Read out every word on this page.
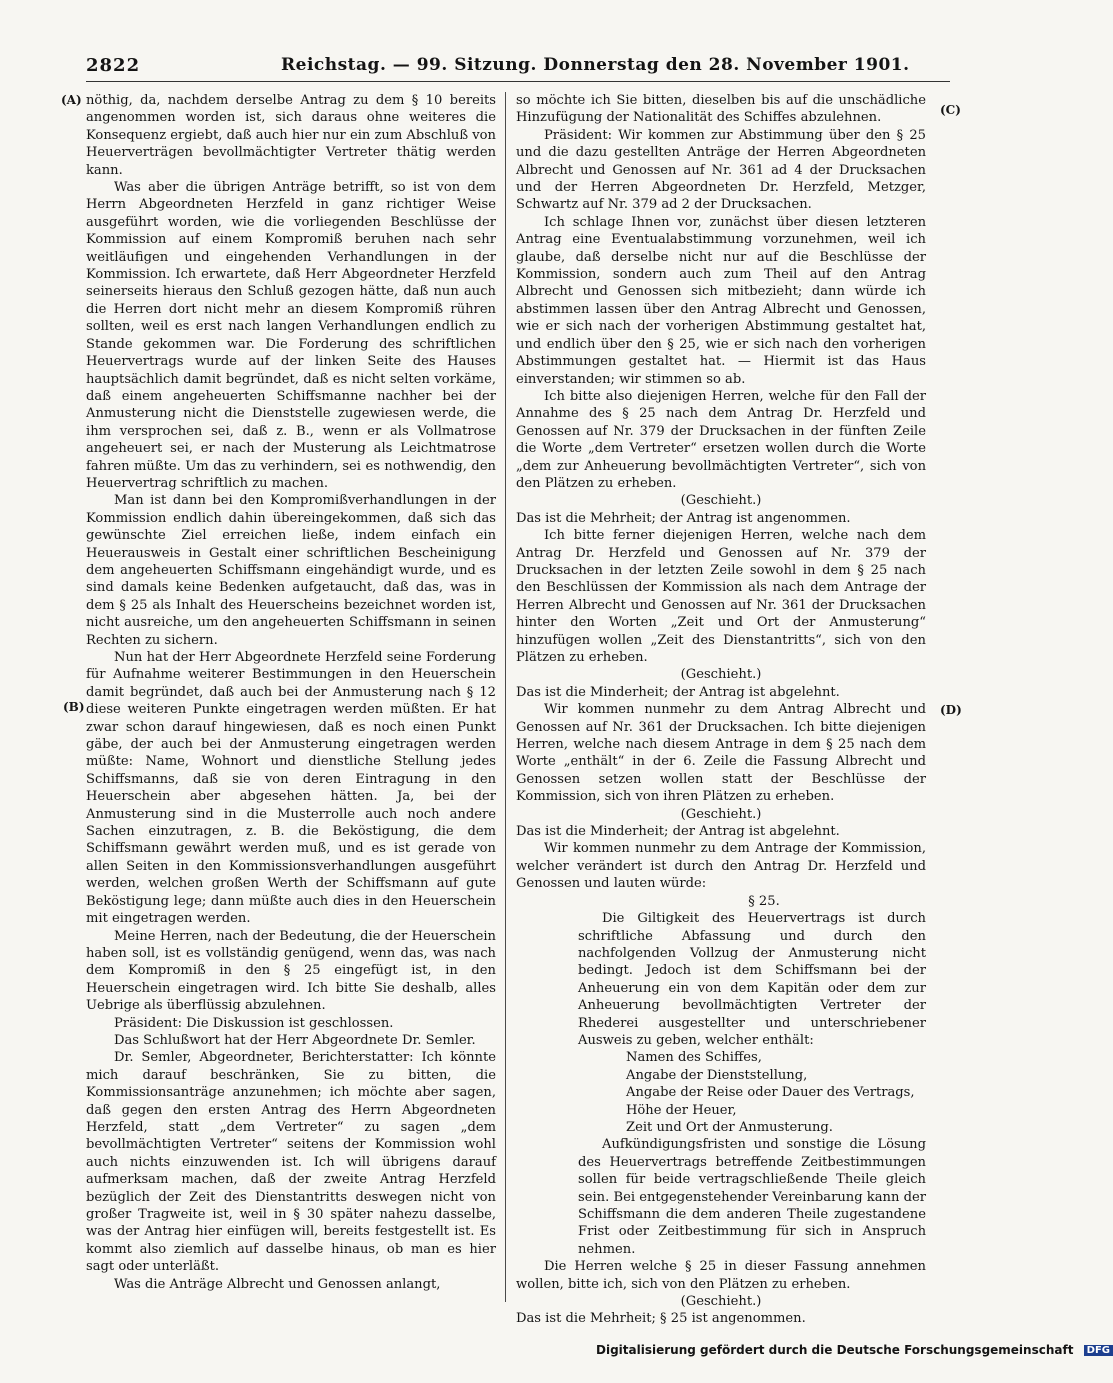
2822	Reichstag. — 99. Sitzung. Donnerstag den 28. November 1901.
(A)
(B)
(C)
(D)

nöthig, da, nachdem derselbe Antrag zu dem § 10 bereits angenommen worden ist, sich daraus ohne weiteres die Konsequenz ergiebt, daß auch hier nur ein zum Abschluß von Heuerverträgen bevollmächtigter Vertreter thätig werden kann.

Was aber die übrigen Anträge betrifft, so ist von dem Herrn Abgeordneten Herzfeld in ganz richtiger Weise ausgeführt worden, wie die vorliegenden Beschlüsse der Kommission auf einem Kompromiß beruhen nach sehr weitläufigen und eingehenden Verhandlungen in der Kommission. Ich erwartete, daß Herr Abgeordneter Herzfeld seinerseits hieraus den Schluß gezogen hätte, daß nun auch die Herren dort nicht mehr an diesem Kompromiß rühren sollten, weil es erst nach langen Verhandlungen endlich zu Stande gekommen war. Die Forderung des schriftlichen Heuervertrags wurde auf der linken Seite des Hauses hauptsächlich damit begründet, daß es nicht selten vorkäme, daß einem angeheuerten Schiffsmanne nachher bei der Anmusterung nicht die Dienststelle zugewiesen werde, die ihm versprochen sei, daß z. B., wenn er als Vollmatrose angeheuert sei, er nach der Musterung als Leichtmatrose fahren müßte. Um das zu verhindern, sei es nothwendig, den Heuervertrag schriftlich zu machen.

Man ist dann bei den Kompromißverhandlungen in der Kommission endlich dahin übereingekommen, daß sich das gewünschte Ziel erreichen ließe, indem einfach ein Heuerausweis in Gestalt einer schriftlichen Bescheinigung dem angeheuerten Schiffsmann eingehändigt wurde, und es sind damals keine Bedenken aufgetaucht, daß das, was in dem § 25 als Inhalt des Heuerscheins bezeichnet worden ist, nicht ausreiche, um den angeheuerten Schiffsmann in seinen Rechten zu sichern.

Nun hat der Herr Abgeordnete Herzfeld seine Forderung für Aufnahme weiterer Bestimmungen in den Heuerschein damit begründet, daß auch bei der Anmusterung nach § 12 diese weiteren Punkte eingetragen werden müßten. Er hat zwar schon darauf hingewiesen, daß es noch einen Punkt gäbe, der auch bei der Anmusterung eingetragen werden müßte: Name, Wohnort und dienstliche Stellung jedes Schiffsmanns, daß sie von deren Eintragung in den Heuerschein aber abgesehen hätten. Ja, bei der Anmusterung sind in die Musterrolle auch noch andere Sachen einzutragen, z. B. die Beköstigung, die dem Schiffsmann gewährt werden muß, und es ist gerade von allen Seiten in den Kommissionsverhandlungen ausgeführt werden, welchen großen Werth der Schiffsmann auf gute Beköstigung lege; dann müßte auch dies in den Heuerschein mit eingetragen werden.

Meine Herren, nach der Bedeutung, die der Heuerschein haben soll, ist es vollständig genügend, wenn das, was nach dem Kompromiß in den § 25 eingefügt ist, in den Heuerschein eingetragen wird. Ich bitte Sie deshalb, alles Uebrige als überflüssig abzulehnen.

Präsident: Die Diskussion ist geschlossen.

Das Schlußwort hat der Herr Abgeordnete Dr. Semler.

Dr. Semler, Abgeordneter, Berichterstatter: Ich könnte mich darauf beschränken, Sie zu bitten, die Kommissionsanträge anzunehmen; ich möchte aber sagen, daß gegen den ersten Antrag des Herrn Abgeordneten Herzfeld, statt „dem Vertreter“ zu sagen „dem bevollmächtigten Vertreter“ seitens der Kommission wohl auch nichts einzuwenden ist. Ich will übrigens darauf aufmerksam machen, daß der zweite Antrag Herzfeld bezüglich der Zeit des Dienstantritts deswegen nicht von großer Tragweite ist, weil in § 30 später nahezu dasselbe, was der Antrag hier einfügen will, bereits festgestellt ist. Es kommt also ziemlich auf dasselbe hinaus, ob man es hier sagt oder unterläßt.

Was die Anträge Albrecht und Genossen anlangt,

so möchte ich Sie bitten, dieselben bis auf die unschädliche Hinzufügung der Nationalität des Schiffes abzulehnen.

Präsident: Wir kommen zur Abstimmung über den § 25 und die dazu gestellten Anträge der Herren Abgeordneten Albrecht und Genossen auf Nr. 361 ad 4 der Drucksachen und der Herren Abgeordneten Dr. Herzfeld, Metzger, Schwartz auf Nr. 379 ad 2 der Drucksachen.

Ich schlage Ihnen vor, zunächst über diesen letzteren Antrag eine Eventualabstimmung vorzunehmen, weil ich glaube, daß derselbe nicht nur auf die Beschlüsse der Kommission, sondern auch zum Theil auf den Antrag Albrecht und Genossen sich mitbezieht; dann würde ich abstimmen lassen über den Antrag Albrecht und Genossen, wie er sich nach der vorherigen Abstimmung gestaltet hat, und endlich über den § 25, wie er sich nach den vorherigen Abstimmungen gestaltet hat. — Hiermit ist das Haus einverstanden; wir stimmen so ab.

Ich bitte also diejenigen Herren, welche für den Fall der Annahme des § 25 nach dem Antrag Dr. Herzfeld und Genossen auf Nr. 379 der Drucksachen in der fünften Zeile die Worte „dem Vertreter“ ersetzen wollen durch die Worte „dem zur Anheuerung bevollmächtigten Vertreter“, sich von den Plätzen zu erheben.

(Geschieht.)

Das ist die Mehrheit; der Antrag ist angenommen.

Ich bitte ferner diejenigen Herren, welche nach dem Antrag Dr. Herzfeld und Genossen auf Nr. 379 der Drucksachen in der letzten Zeile sowohl in dem § 25 nach den Beschlüssen der Kommission als nach dem Antrage der Herren Albrecht und Genossen auf Nr. 361 der Drucksachen hinter den Worten „Zeit und Ort der Anmusterung“ hinzufügen wollen „Zeit des Dienstantritts“, sich von den Plätzen zu erheben.

(Geschieht.)

Das ist die Minderheit; der Antrag ist abgelehnt.

Wir kommen nunmehr zu dem Antrag Albrecht und Genossen auf Nr. 361 der Drucksachen. Ich bitte diejenigen Herren, welche nach diesem Antrage in dem § 25 nach dem Worte „enthält“ in der 6. Zeile die Fassung Albrecht und Genossen setzen wollen statt der Beschlüsse der Kommission, sich von ihren Plätzen zu erheben.

(Geschieht.)

Das ist die Minderheit; der Antrag ist abgelehnt.

Wir kommen nunmehr zu dem Antrage der Kommission, welcher verändert ist durch den Antrag Dr. Herzfeld und Genossen und lauten würde:

§ 25.

Die Giltigkeit des Heuervertrags ist durch schriftliche Abfassung und durch den nachfolgenden Vollzug der Anmusterung nicht bedingt. Jedoch ist dem Schiffsmann bei der Anheuerung ein von dem Kapitän oder dem zur Anheuerung bevollmächtigten Vertreter der Rhederei ausgestellter und unterschriebener Ausweis zu geben, welcher enthält:

Namen des Schiffes,

Angabe der Dienststellung,

Angabe der Reise oder Dauer des Vertrags,

Höhe der Heuer,

Zeit und Ort der Anmusterung.

Aufkündigungsfristen und sonstige die Lösung des Heuervertrags betreffende Zeitbestimmungen sollen für beide vertragschließende Theile gleich sein. Bei entgegenstehender Vereinbarung kann der Schiffsmann die dem anderen Theile zugestandene Frist oder Zeitbestimmung für sich in Anspruch nehmen.

Die Herren welche § 25 in dieser Fassung annehmen wollen, bitte ich, sich von den Plätzen zu erheben.

(Geschieht.)

Das ist die Mehrheit; § 25 ist angenommen.

Digitalisierung gefördert durch die Deutsche Forschungsgemeinschaft DFG
